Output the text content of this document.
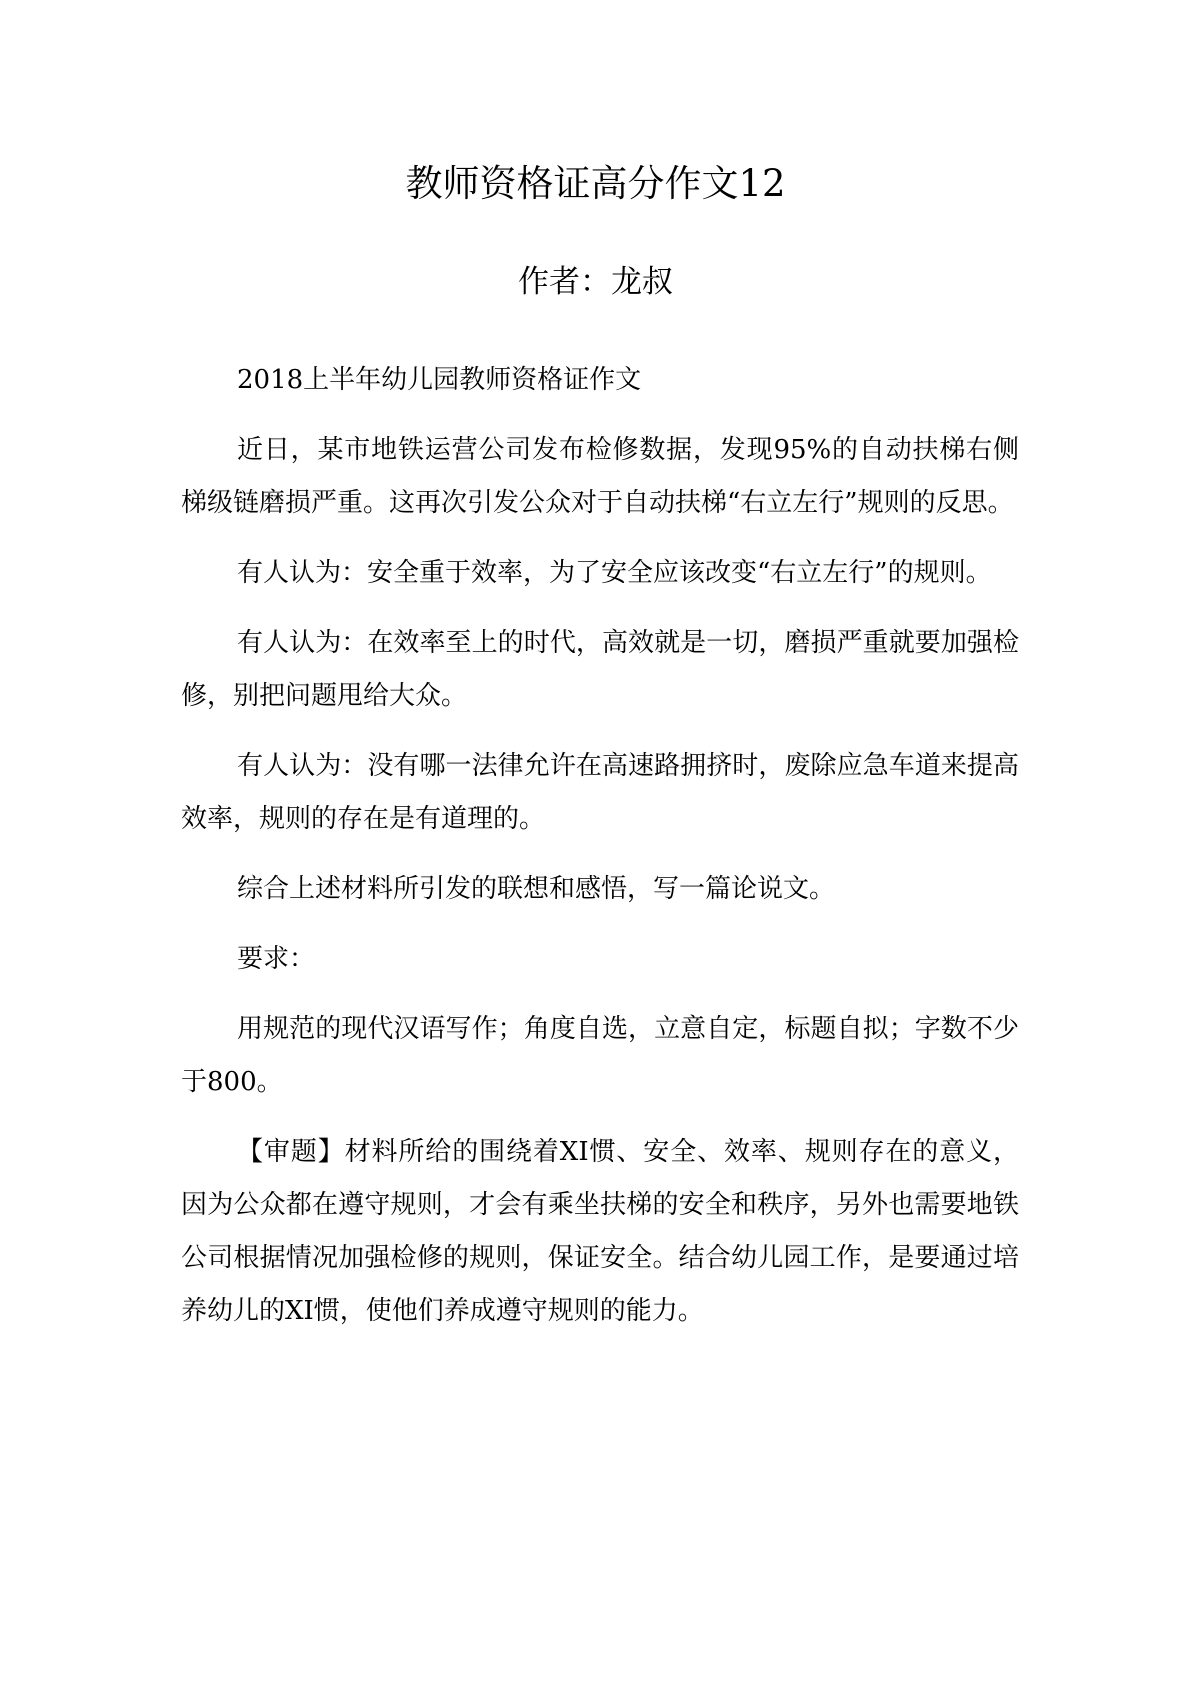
教师资格证高分作文12
作者：龙叔

2018上半年幼儿园教师资格证作文

近日，某市地铁运营公司发布检修数据，发现95%的自动扶梯右侧梯级链磨损严重。这再次引发公众对于自动扶梯“右立左行”规则的反思。

有人认为：安全重于效率，为了安全应该改变“右立左行”的规则。

有人认为：在效率至上的时代，高效就是一切，磨损严重就要加强检修，别把问题甩给大众。

有人认为：没有哪一法律允许在高速路拥挤时，废除应急车道来提高效率，规则的存在是有道理的。

综合上述材料所引发的联想和感悟，写一篇论说文。

要求：

用规范的现代汉语写作；角度自选，立意自定，标题自拟；字数不少于800。

【审题】材料所给的围绕着XI惯、安全、效率、规则存在的意义，因为公众都在遵守规则，才会有乘坐扶梯的安全和秩序，另外也需要地铁公司根据情况加强检修的规则，保证安全。结合幼儿园工作，是要通过培养幼儿的XI惯，使他们养成遵守规则的能力。
